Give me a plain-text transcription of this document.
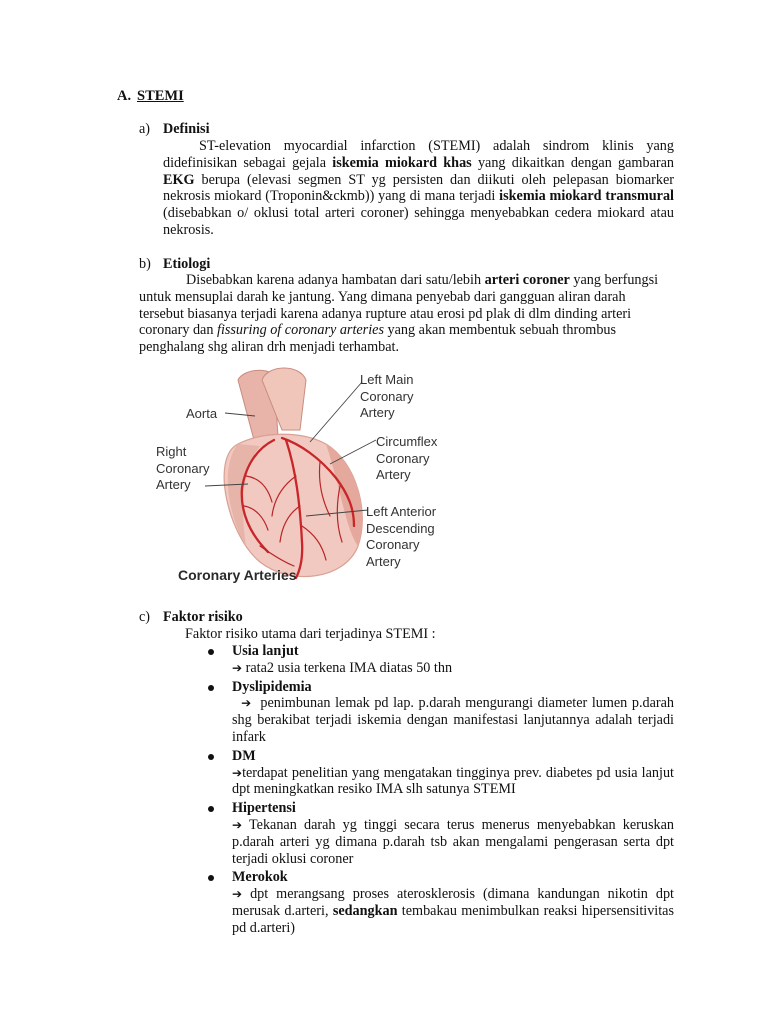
A. STEMI
a) Definisi
ST-elevation myocardial infarction (STEMI) adalah sindrom klinis yang didefinisikan sebagai gejala iskemia miokard khas yang dikaitkan dengan gambaran EKG berupa (elevasi segmen ST yg persisten dan diikuti oleh pelepasan biomarker nekrosis miokard (Troponin&ckmb)) yang di mana terjadi iskemia miokard transmural (disebabkan o/ oklusi total arteri coroner) sehingga menyebabkan cedera miokard atau nekrosis.
b) Etiologi
Disebabkan karena adanya hambatan dari satu/lebih arteri coroner yang berfungsi untuk mensuplai darah ke jantung. Yang dimana penyebab dari gangguan aliran darah tersebut biasanya terjadi karena adanya rupture atau erosi pd plak di dlm dinding arteri coronary dan fissuring of coronary arteries yang akan membentuk sebuah thrombus penghalang shg aliran drh menjadi terhambat.
Aorta
Right
Coronary
Artery
Left Main
Coronary
Artery
Circumflex
Coronary
Artery
Left Anterior
Descending
Coronary
Artery
Coronary Arteries
c) Faktor risiko
Faktor risiko utama dari terjadinya STEMI :
Usia lanjut
➔ rata2 usia terkena IMA diatas 50 thn
Dyslipidemia
➔ penimbunan lemak pd lap. p.darah mengurangi diameter lumen p.darah shg berakibat terjadi iskemia dengan manifestasi lanjutannya adalah terjadi infark
DM
➔terdapat penelitian yang mengatakan tingginya prev. diabetes pd usia lanjut dpt meningkatkan resiko IMA slh satunya STEMI
Hipertensi
➔ Tekanan darah yg tinggi secara terus menerus menyebabkan keruskan p.darah arteri yg dimana p.darah tsb akan mengalami pengerasan serta dpt terjadi oklusi coroner
Merokok
➔ dpt merangsang proses aterosklerosis (dimana kandungan nikotin dpt merusak d.arteri, sedangkan tembakau menimbulkan reaksi hipersensitivitas pd d.arteri)
